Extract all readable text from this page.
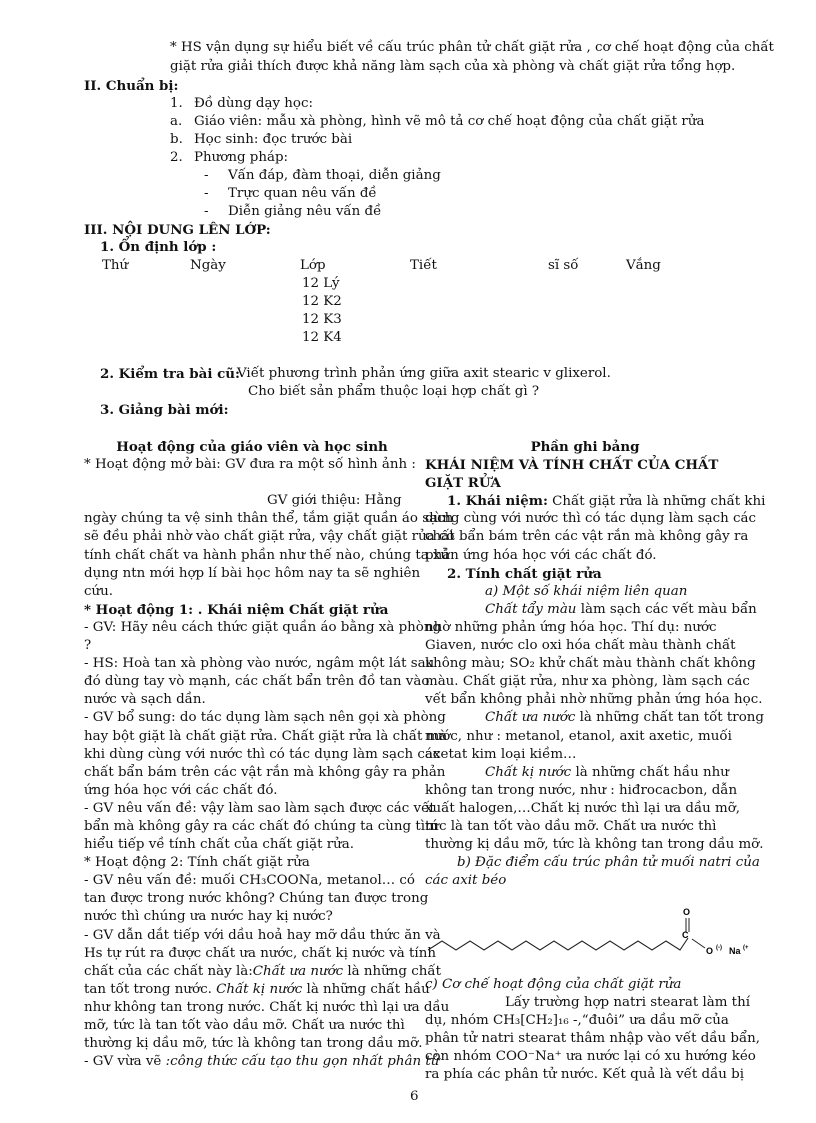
* HS vận dụng sự hiểu biết về cấu trúc phân tử chất giặt rửa , cơ chế hoạt động của chất
giặt rửa giải thích được khả năng làm sạch của xà phòng và chất giặt rửa tổng hợp.
II. Chuẩn bị:
1. Đồ dùng dạy học:
a. Giáo viên: mẫu xà phòng, hình vẽ mô tả cơ chế hoạt động của chất giặt rửa
b. Học sinh: đọc trước bài
2. Phương pháp:
- Vấn đáp, đàm thoại, diễn giảng
- Trực quan nêu vấn đề
- Diễn giảng nêu vấn đề
III. NỘI DUNG LÊN LỚP:
1. Ổn định lớp :
Thứ	Ngày	Lớp	Tiết	sĩ số	Vắng
12 Lý
12 K2
12 K3
12 K4
2. Kiểm tra bài cũ:
Viết phương trình phản ứng giữa axit stearic v glixerol.
Cho biết sản phẩm thuộc loại hợp chất gì ?
3. Giảng bài mới:
Hoạt động của giáo viên và học sinh
* Hoạt động mở bài: GV đưa ra một số hình ảnh :
GV giới thiệu: Hằng
ngày chúng ta vệ sinh thân thể, tắm giặt quần áo sạch
sẽ đều phải nhờ vào chất giặt rửa, vậy chất giặt rửa có
tính chất chất va hành phần như thế nào, chúng ta xử
dụng ntn mới hợp lí bài học hôm nay ta sẽ nghiên
cứu.
* Hoạt động 1: . Khái niệm Chất giặt rửa
- GV: Hãy nêu cách thức giặt quần áo bằng xà phòng
?
- HS: Hoà tan xà phòng vào nước, ngâm một lát sau
đó dùng tay vò mạnh, các chất bẩn trên đồ tan vào
nước và sạch dần.
- GV bổ sung: do tác dụng làm sạch nên gọi xà phòng
hay bột giặt là chất giặt rửa. Chất giặt rửa là chất mà
khi dùng cùng với nước thì có tác dụng làm sạch các
chất bẩn bám trên các vật rắn mà không gây ra phản
ứng hóa học với các chất đó.
- GV nêu vấn đề: vậy làm sao làm sạch được các vết
bẩn mà không gây ra các chất đó chúng ta cùng tìm
hiểu tiếp về tính chất của chất giặt rửa.
* Hoạt động 2: Tính chất giặt rửa
- GV nêu vấn đề: muối CH₃COONa, metanol… có
tan được trong nước không? Chúng tan được trong
nước thì chúng ưa nước hay kị nước?
- GV dẫn dắt tiếp với dầu hoả hay mỡ dầu thức ăn và
Hs tự rút ra được chất ưa nước, chất kị nước và tính
chất của các chất này là:Chất ưa nước là những chất
tan tốt trong nước. Chất kị nước là những chất hầu
như không tan trong nước. Chất kị nước thì lại ưa dầu
mỡ, tức là tan tốt vào dầu mỡ. Chất ưa nước thì
thường kị dầu mỡ, tức là không tan trong dầu mỡ.
- GV vừa vẽ :công thức cấu tạo thu gọn nhất phân tử
Phần ghi bảng
KHÁI NIỆM VÀ TÍNH CHẤT CỦA CHẤT
GIẶT RỬA
1. Khái niệm: Chất giặt rửa là những chất khi
dùng cùng với nước thì có tác dụng làm sạch các
chất bẩn bám trên các vật rắn mà không gây ra
phản ứng hóa học với các chất đó.
2. Tính chất giặt rửa
a) Một số khái niệm liên quan
Chất tẩy màu làm sạch các vết màu bẩn
nhờ những phản ứng hóa học. Thí dụ: nước
Giaven, nước clo oxi hóa chất màu thành chất
không màu; SO₂ khử chất màu thành chất không
màu. Chất giặt rửa, như xa phòng, làm sạch các
vết bẩn không phải nhờ những phản ứng hóa học.
Chất ưa nước là những chất tan tốt trong
nước, như : metanol, etanol, axit axetic, muối
axetat kim loại kiềm…
Chất kị nước là những chất hầu như
không tan trong nước, như : hiđrocacbon, dẫn
xuất halogen,…Chất kị nước thì lại ưa dầu mỡ,
tức là tan tốt vào dầu mỡ. Chất ưa nước thì
thường kị dầu mỡ, tức là không tan trong dầu mỡ.
b) Đặc điểm cấu trúc phân tử muối natri của
các axit béo
O
C
O (-) Na (+
c) Cơ chế hoạt động của chất giặt rửa
Lấy trường hợp natri stearat làm thí
dụ, nhóm CH₃[CH₂]₁₆ -,“đuôi” ưa dầu mỡ của
phân tử natri stearat thâm nhập vào vết dầu bẩn,
còn nhóm COO⁻Na⁺ ưa nước lại có xu hướng kéo
ra phía các phân tử nước. Kết quả là vết dầu bị
6
